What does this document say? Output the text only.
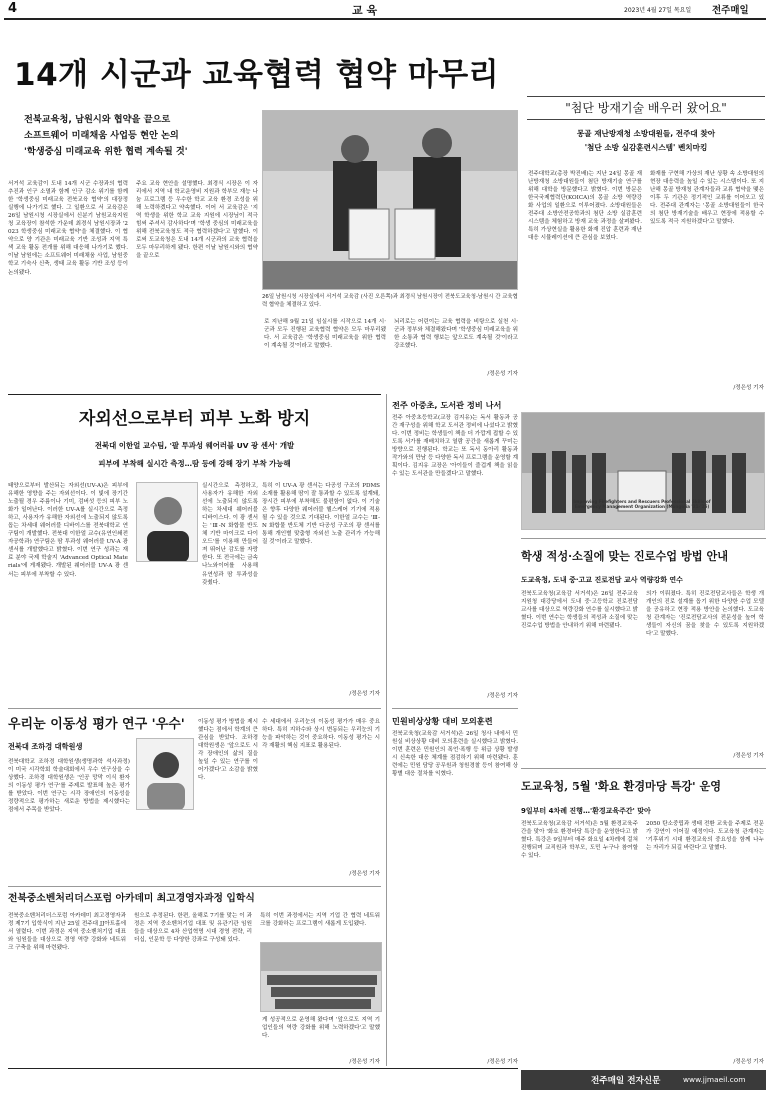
4	교 육	2023년 4월 27일 목요일 전주매일
14개 시군과 교육협력 협약 마무리
전북교육청, 남원시와 협약을 끝으로
소프트웨어 미래채움 사업등 현안 논의
'학생중심 미래교육 위한 협력 계속될 것'
서거석 교육감이 도내 14개 시군 수장과의 협력 추진과 인구 소멸과 함께 인구 감소 위기를 함께한 '학생중심 미래교육 전북교육 협약'의 대장정 실행에 나가기로 했다. 그 일환으로 서 교육감은 26일 남원시청 시장실에서 신분기 남원교육지원청 교육장이 참석한 가운데 최경식 남원시장과 '2023 학생중심 미래교육 협약'을 체결했다. 이 협약으로 양 기관은 미래교육 기반 조성과 지역 특색 교육 활동 전개를 위해 대응해 나가기로 했다. 이날 남원에는 소프트웨어 미래채움 사업, 남원중학교 기숙사 신축, 생태 교육 활동 기반 조성 등이 논의됐다.
주요 교육 현안을 설명했다. 최경식 시장은 이 자리에서 지역 내 학교운영비 지원과 학부모 재능 나눔 프로그램 등 우수한 학교 교육 환경 조성을 위해 노력하겠다고 약속했다. 이어 서 교육감은 '지역 학생을 위한 학교 교육 지원에 시장님이 적극 힘써 주셔서 감사하다'며 '학생 중심의 미래교육을 위해 전북교육청도 적극 협력하겠다'고 말했다. 이로써 도교육청은 도내 14개 시군과의 교육 협력을 모두 마무리하게 됐다. 한편 이날 남원시와의 협약을 끝으로
26일 남원시청 시장실에서 서거석 교육감 (사진 오른쪽)과 최경식 남원시장이 전북도교육청-남원시 간 교육협력 협약을 체결하고 있다.
로 지난해 9월 21일 임실시를 시작으로 14개 시·군과 모두 진행된 교육협력 협약은 모두 마무리됐다. 서 교육감은 '학생중심 미래교육을 위한 협력이 계속될 것'이라고 말했다.
뇌리로는 어린이는 교육 협력을 비탕으로 실천 시·군과 정부와 체결해왔다며 '학생중심 미래교육을 위한 소통과 협력 행보는 앞으로도 계속될 것'이라고 강조했다.
/정은성 기자
"첨단 방재기술 배우러 왔어요"
몽골 재난방재청 소방대원들, 전주대 찾아
'첨단 소방 실감훈련시스템' 벤치마킹
전주대학교(총장 박진배)는 지난 24일 몽골 재난방재청 소방대원들이 첨단 방재기술 연구를 위해 대학을 방문했다고 밝혔다. 이번 방문은 한국국제협력단(KOICA)의 몽골 소방 역량강화 사업의 일환으로 이루어졌다. 소방대원들은 전주대 소방안전공학과의 첨단 소방 실감훈련시스템을 체험하고 방재 교육 과정을 살펴봤다. 특히 가상현실을 활용한 화재 진압 훈련과 재난 대응 시뮬레이션에 큰 관심을 보였다.
화재를 구현해 가상의 재난 상황 속 소방대원의 현장 대응력을 높일 수 있는 시스템이다. 또 지난해 몽골 방재청 관계자들과 교류 협약을 맺은 이후 두 기관은 정기적인 교류를 이어오고 있다. 전주대 관계자는 '몽골 소방대원들이 한국의 첨단 방재기술을 배우고 현장에 적용할 수 있도록 적극 지원하겠다'고 말했다.
/정은성 기자
Improving Firefighters and Rescuers Professional Skills of Emergency Management Organization (Mongolia '21-'25)
자외선으로부터 피부 노화 방지
전북대 이한얼 교수팀, '팔 투과성 웨어러블 UV 광 센서' 개발
피부에 부착해 실시간 측정…땀 등에 강해 장기 부착 가능해
태양으로부터 발산되는 자외선(UV-A)은 피부에 유해한 영향을 주는 자외선이다. 이 빛에 장기간 노출될 경우 주름이나 기미, 검버섯 등의 피부 노화가 일어난다. 이러한 UV-A를 실시간으로 측정하고, 사용자가 유해한 자외선에 노출되지 않도록 돕는 차세대 웨어러블 디바이스를 전북대학교 연구팀이 개발했다. 전북대 이한얼 교수(유연인쇄전자공학과) 연구팀은 땀 투과성 웨어러블 UV-A 광 센서를 개발했다고 밝혔다. 이번 연구 성과는 재료 분야 국제 학술지 'Advanced Optical Materials'에 게재됐다. 개발된 웨어러블 UV-A 광 센서는 피부에 부착할 수 있다.
실시간으로 측정하고, 사용자가 유해한 자외선에 노출되지 않도록 하는 차세대 웨어러블 디바이스다. 이 광 센서는 'Ⅲ-N 화합물 반도체 기반 마이크로 다이오드'를 이용해 만들어져 뛰어난 감도를 자랑한다. 또 전극에는 금속 나노와이어를 사용해 유연성과 땀 투과성을 갖췄다.
특히 이 UV-A 광 센서는 다공성 구조의 PDMS 소재를 활용해 땀이 잘 통과할 수 있도록 설계돼, 장시간 피부에 부착해도 불편함이 없다. 이 기술은 향후 다양한 웨어러블 헬스케어 기기에 적용될 수 있을 것으로 기대된다. 이한얼 교수는 'Ⅲ-N 화합물 반도체 기반 다공성 구조의 광 센서를 통해 개인별 맞춤형 자외선 노출 관리가 가능해질 것'이라고 말했다.
/정은성 기자
우리눈 이동성 평가 연구 '우수'
전북대 조하경 대학원생
전북대학교 조하경 대학원생(생명과학 석사과정)이 미국 시각학회 학술대회에서 우수 연구상을 수상했다. 조하경 대학원생은 '인공 망막 이식 환자의 이동성 평가 연구'를 주제로 발표해 높은 평가를 받았다. 이번 연구는 시각 장애인의 이동성을 정량적으로 평가하는 새로운 방법을 제시했다는 점에서 주목을 받았다.
이동성 평가 방법을 제시했다는 점에서 학계의 큰 관심을 받았다. 조하경 대학원생은 '앞으로도 시각 장애인의 삶의 질을 높일 수 있는 연구를 이어가겠다'고 소감을 밝혔다.
수 세대에서 우리눈의 이동성 평가가 매우 중요하다. 특히 지하수와 상시 변동되는 우리눈의 기능을 파악하는 것이 중요하다. 이동성 평가는 시각 재활의 핵심 지표로 활용된다.
/정은성 기자
전북중소벤처리더스포럼 아카데미 최고경영자과정 입학식
전북중소벤처리더스포럼 아카데미 최고경영자과정 제7기 입학식이 지난 25일 전주대 JJ아트홀에서 열렸다. 이번 과정은 지역 중소벤처기업 대표와 임원들을 대상으로 경영 역량 강화와 네트워크 구축을 위해 마련됐다.
원으로 추정된다. 한편, 올해로 7기를 맞는 이 과정은 지역 중소벤처기업 대표 및 유관기관 임원들을 대상으로 4차 산업혁명 시대 경영 전략, 리더십, 인문학 등 다양한 강좌로 구성돼 있다.
특히 이번 과정에서는 지역 기업 간 협력 네트워크를 강화하는 프로그램이 새롭게 도입됐다.
게 성공적으로 운영해 왔다며 '앞으로도 지역 기업인들의 역량 강화를 위해 노력하겠다'고 말했다.
/정은성 기자
전주 아중초, 도서관 정비 나서
전주 아중초등학교(교장 김지유)는 독서 활동과 공간 재구성을 위해 학교 도서관 정비에 나섰다고 밝혔다. 이번 정비는 학생들이 책을 더 가깝게 접할 수 있도록 서가를 재배치하고 열람 공간을 새롭게 꾸미는 방향으로 진행된다. 학교는 또 독서 동아리 활동과 작가와의 만남 등 다양한 독서 프로그램을 운영할 계획이다. 김지유 교장은 '아이들이 즐겁게 책을 읽을 수 있는 도서관을 만들겠다'고 말했다.
/정은성 기자
민원비상상황 대비 모의훈련
전북교육청(교육감 서거석)은 26일 청사 내에서 민원실 비상상황 대비 모의훈련을 실시했다고 밝혔다. 이번 훈련은 민원인의 폭언·폭행 등 위급 상황 발생 시 신속한 대응 체계를 점검하기 위해 마련됐다. 훈련에는 민원 담당 공무원과 청원경찰 등이 참여해 상황별 대응 절차를 익혔다.
/정은성 기자
학생 적성·소질에 맞는 진로수업 방법 안내
도교육청, 도내 중·고교 진로전담 교사 역량강화 연수
전북도교육청(교육감 서거석)은 26일 전주교육지원청 대강당에서 도내 중·고등학교 진로전담 교사를 대상으로 역량강화 연수를 실시했다고 밝혔다. 이번 연수는 학생들의 적성과 소질에 맞는 진로수업 방법을 안내하기 위해 마련됐다.
의가 이뤄졌다. 특히 진로전담교사들은 학생 개개인의 진로 설계를 돕기 위한 다양한 수업 모델을 공유하고 현장 적용 방안을 논의했다. 도교육청 관계자는 '진로전담교사의 전문성을 높여 학생들이 자신의 꿈을 찾을 수 있도록 지원하겠다'고 말했다.
/정은성 기자
도교육청, 5월 '화요 환경마당 특강' 운영
9일부터 4차례 진행…'환경교육주간' 맞아
전북도교육청(교육감 서거석)은 5월 환경교육주간을 맞아 '화요 환경마당 특강'을 운영한다고 밝혔다. 특강은 9일부터 매주 화요일 4차례에 걸쳐 진행되며 교직원과 학부모, 도민 누구나 참여할 수 있다.
2050 탄소중립과 생태 전환 교육을 주제로 전문가 강연이 이어질 예정이다. 도교육청 관계자는 '기후위기 시대 환경교육의 중요성을 함께 나누는 자리가 되길 바란다'고 말했다.
/정은성 기자
전주매일 전자신문	www.jjmaeil.com
